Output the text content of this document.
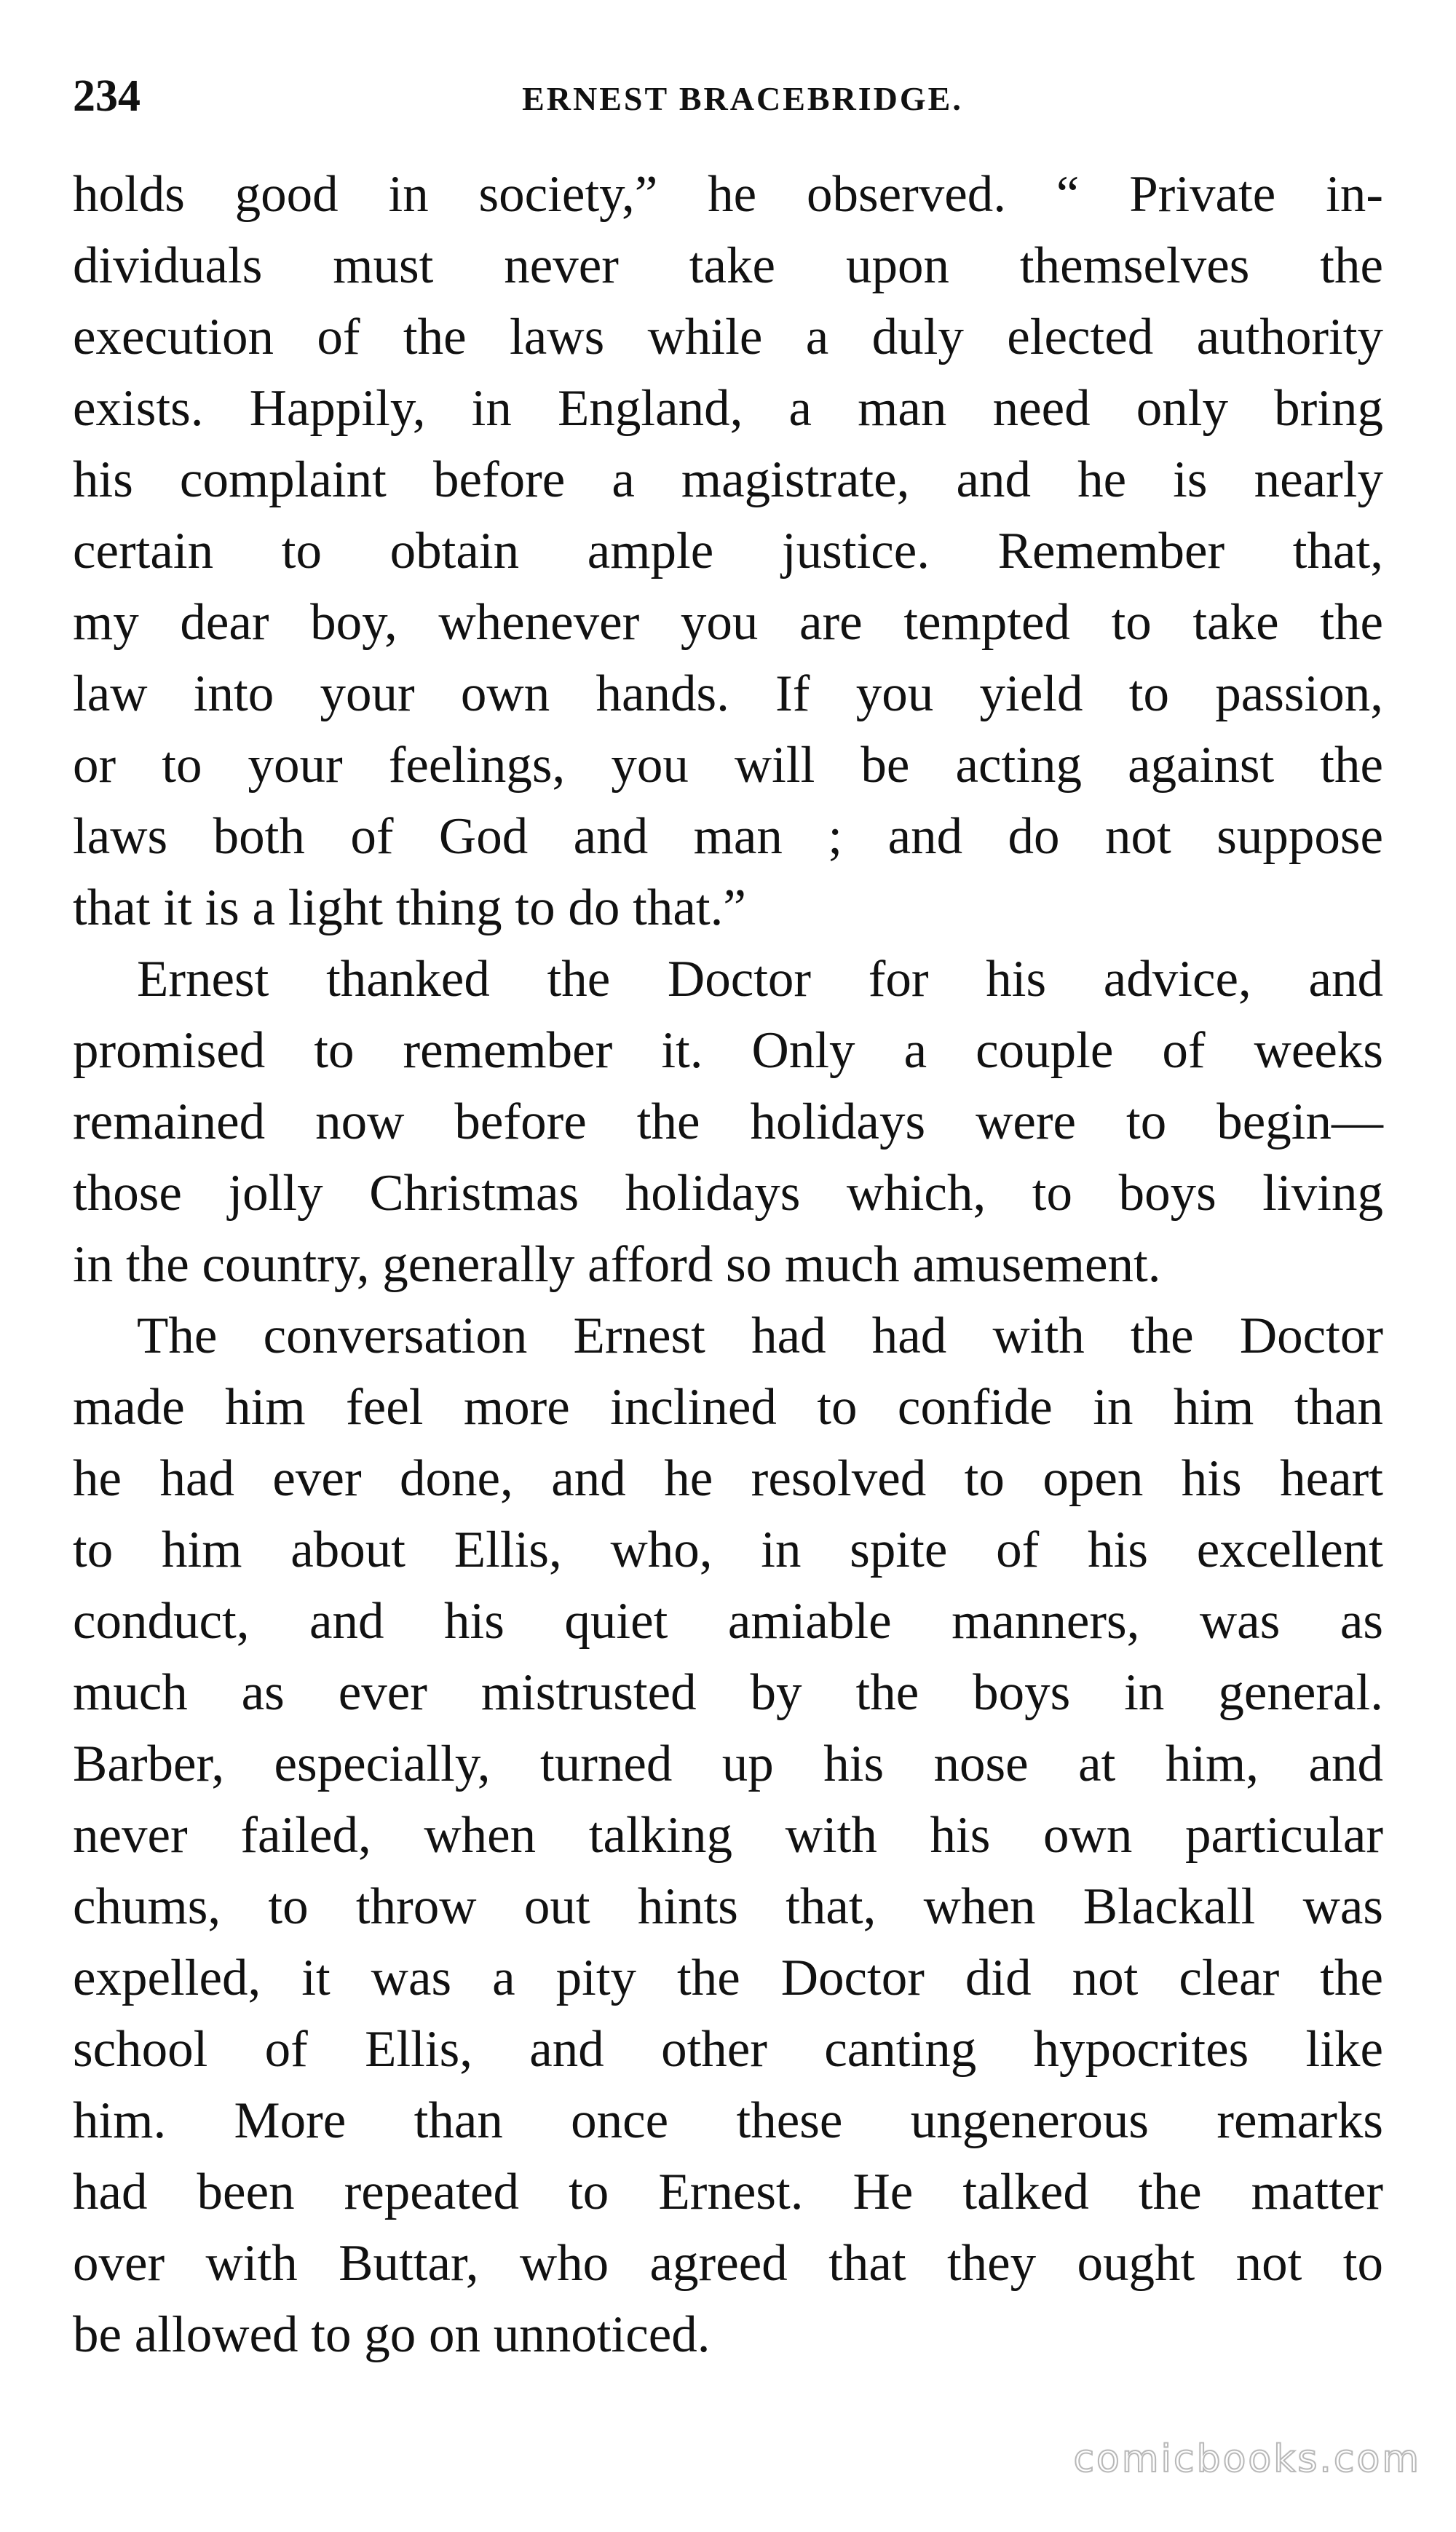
234	ERNEST BRACEBRIDGE.
holds good in society,” he observed. “ Private in-
dividuals must never take upon themselves the
execution of the laws while a duly elected authority
exists. Happily, in England, a man need only bring
his complaint before a magistrate, and he is nearly
certain to obtain ample justice. Remember that,
my dear boy, whenever you are tempted to take the
law into your own hands. If you yield to passion,
or to your feelings, you will be acting against the
laws both of God and man ; and do not suppose
that it is a light thing to do that.”
Ernest thanked the Doctor for his advice, and
promised to remember it. Only a couple of weeks
remained now before the holidays were to begin—
those jolly Christmas holidays which, to boys living
in the country, generally afford so much amusement.
The conversation Ernest had had with the Doctor
made him feel more inclined to confide in him than
he had ever done, and he resolved to open his heart
to him about Ellis, who, in spite of his excellent
conduct, and his quiet amiable manners, was as
much as ever mistrusted by the boys in general.
Barber, especially, turned up his nose at him, and
never failed, when talking with his own particular
chums, to throw out hints that, when Blackall was
expelled, it was a pity the Doctor did not clear the
school of Ellis, and other canting hypocrites like
him. More than once these ungenerous remarks
had been repeated to Ernest. He talked the matter
over with Buttar, who agreed that they ought not to
be allowed to go on unnoticed.
comicbooks.com
